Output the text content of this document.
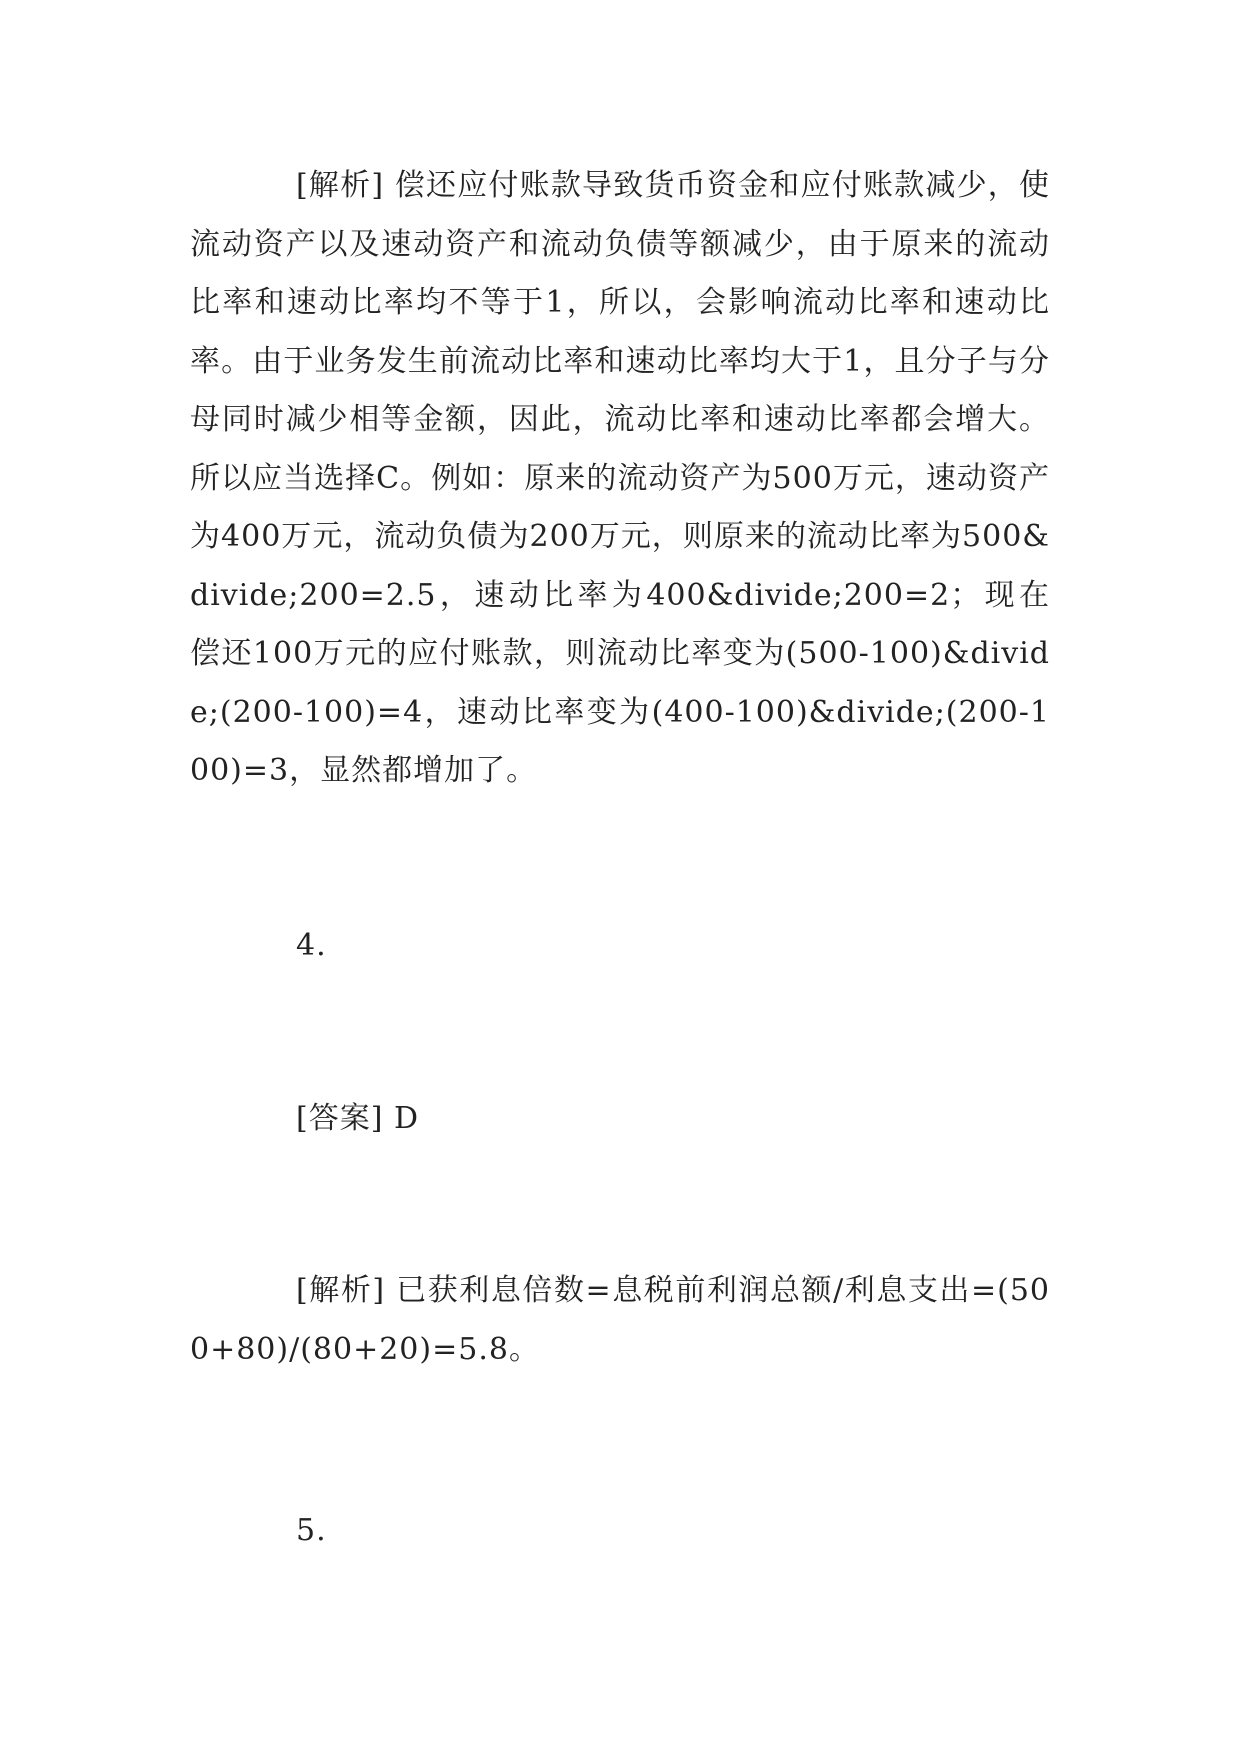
[解析] 偿还应付账款导致货币资金和应付账款减少，使流动资产以及速动资产和流动负债等额减少，由于原来的流动比率和速动比率均不等于1，所以，会影响流动比率和速动比率。由于业务发生前流动比率和速动比率均大于1，且分子与分母同时减少相等金额，因此，流动比率和速动比率都会增大。所以应当选择C。例如：原来的流动资产为500万元，速动资产为400万元，流动负债为200万元，则原来的流动比率为500&divide;200=2.5，速动比率为400&divide;200=2；现在偿还100万元的应付账款，则流动比率变为(500-100)&divide;(200-100)=4，速动比率变为(400-100)&divide;(200-100)=3，显然都增加了。

4.

[答案] D

[解析] 已获利息倍数=息税前利润总额/利息支出=(500+80)/(80+20)=5.8。

5.
